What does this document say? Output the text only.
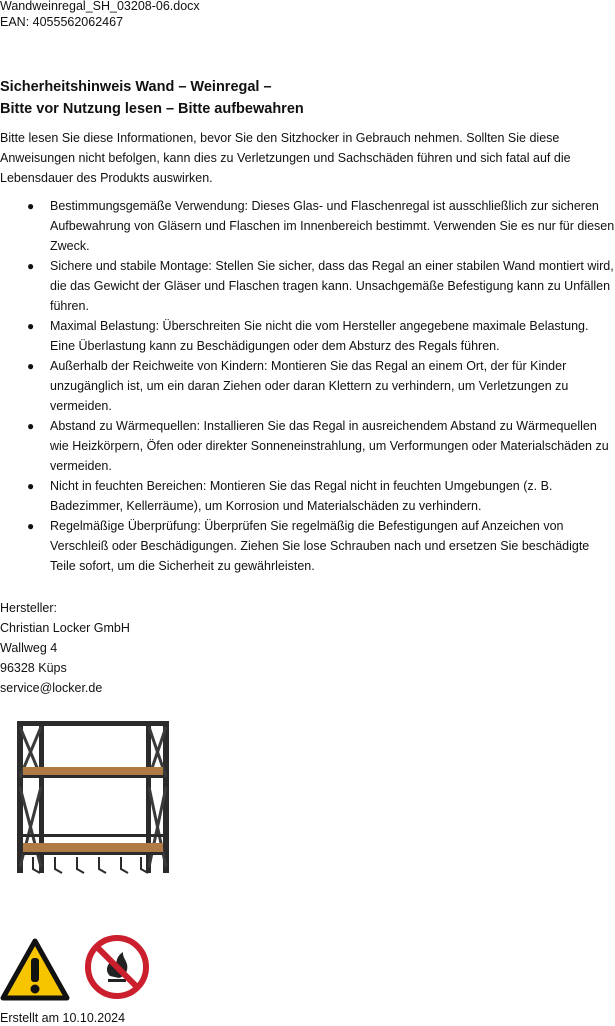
Wandweinregal_SH_03208-06.docx
EAN: 4055562062467
Sicherheitshinweis Wand – Weinregal –
Bitte vor Nutzung lesen – Bitte aufbewahren
Bitte lesen Sie diese Informationen, bevor Sie den Sitzhocker in Gebrauch nehmen. Sollten Sie diese Anweisungen nicht befolgen, kann dies zu Verletzungen und Sachschäden führen und sich fatal auf die Lebensdauer des Produkts auswirken.
● Bestimmungsgemäße Verwendung: Dieses Glas- und Flaschenregal ist ausschließlich zur sicheren Aufbewahrung von Gläsern und Flaschen im Innenbereich bestimmt. Verwenden Sie es nur für diesen Zweck.
● Sichere und stabile Montage: Stellen Sie sicher, dass das Regal an einer stabilen Wand montiert wird, die das Gewicht der Gläser und Flaschen tragen kann. Unsachgemäße Befestigung kann zu Unfällen führen.
● Maximal Belastung: Überschreiten Sie nicht die vom Hersteller angegebene maximale Belastung. Eine Überlastung kann zu Beschädigungen oder dem Absturz des Regals führen.
● Außerhalb der Reichweite von Kindern: Montieren Sie das Regal an einem Ort, der für Kinder unzugänglich ist, um ein daran Ziehen oder daran Klettern zu verhindern, um Verletzungen zu vermeiden.
● Abstand zu Wärmequellen: Installieren Sie das Regal in ausreichendem Abstand zu Wärmequellen wie Heizkörpern, Öfen oder direkter Sonneneinstrahlung, um Verformungen oder Materialschäden zu vermeiden.
● Nicht in feuchten Bereichen: Montieren Sie das Regal nicht in feuchten Umgebungen (z. B. Badezimmer, Kellerräume), um Korrosion und Materialschäden zu verhindern.
● Regelmäßige Überprüfung: Überprüfen Sie regelmäßig die Befestigungen auf Anzeichen von Verschleiß oder Beschädigungen. Ziehen Sie lose Schrauben nach und ersetzen Sie beschädigte Teile sofort, um die Sicherheit zu gewährleisten.
Hersteller:
Christian Locker GmbH
Wallweg 4
96328 Küps
service@locker.de
Erstellt am 10.10.2024
